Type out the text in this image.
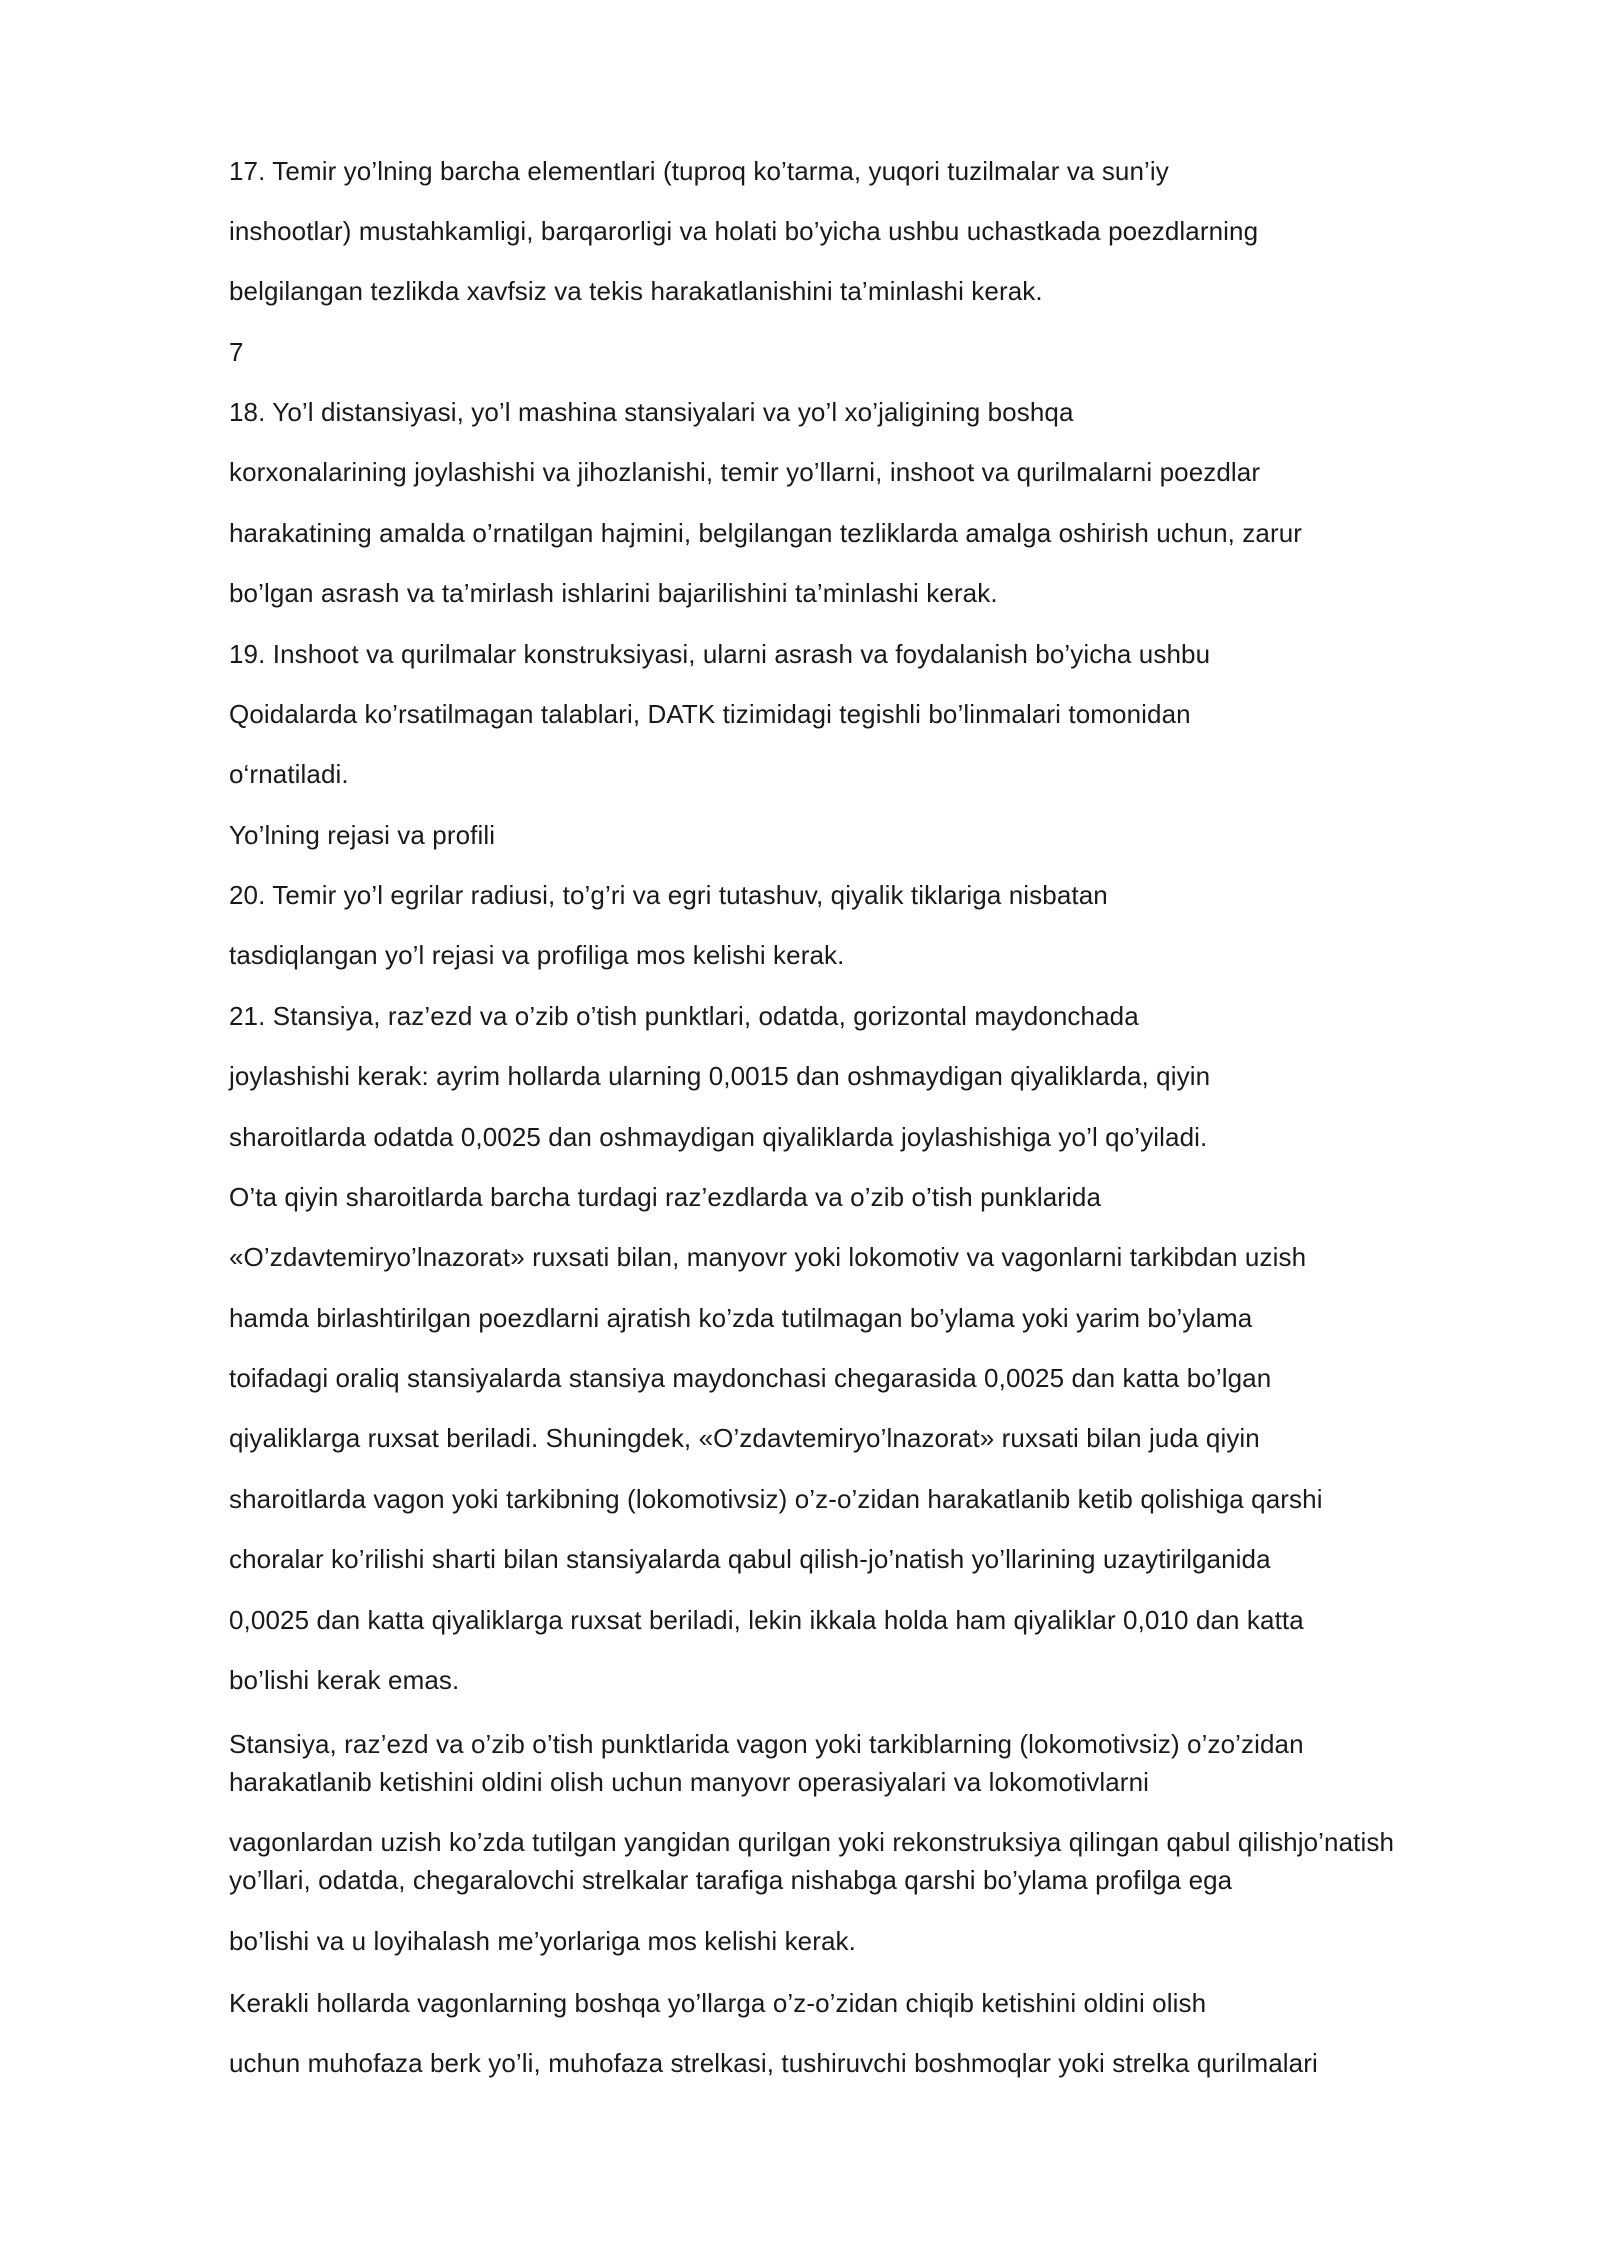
17. Temir yo’lning barcha elementlari (tuproq ko’tarma, yuqori tuzilmalar va sun’iy
inshootlar) mustahkamligi, barqarorligi va holati bo’yicha ushbu uchastkada poezdlarning
belgilangan tezlikda xavfsiz va tekis harakatlanishini ta’minlashi kerak.
7
18. Yo’l distansiyasi, yo’l mashina stansiyalari va yo’l xo’jaligining boshqa
korxonalarining joylashishi va jihozlanishi, temir yo’llarni, inshoot va qurilmalarni poezdlar
harakatining amalda o’rnatilgan hajmini, belgilangan tezliklarda amalga oshirish uchun, zarur
bo’lgan asrash va ta’mirlash ishlarini bajarilishini ta’minlashi kerak.
19. Inshoot va qurilmalar konstruksiyasi, ularni asrash va foydalanish bo’yicha ushbu
Qoidalarda ko’rsatilmagan talablari, DATK tizimidagi tegishli bo’linmalari tomonidan
o‘rnatiladi.
Yo’lning rejasi va profili
20. Temir yo’l egrilar radiusi, to’g’ri va egri tutashuv, qiyalik tiklariga nisbatan
tasdiqlangan yo’l rejasi va profiliga mos kelishi kerak.
21. Stansiya, raz’ezd va o’zib o’tish punktlari, odatda, gorizontal maydonchada
joylashishi kerak: ayrim hollarda ularning 0,0015 dan oshmaydigan qiyaliklarda, qiyin
sharoitlarda odatda 0,0025 dan oshmaydigan qiyaliklarda joylashishiga yo’l qo’yiladi.
O’ta qiyin sharoitlarda barcha turdagi raz’ezdlarda va o’zib o’tish punklarida
«O’zdavtemiryo’lnazorat» ruxsati bilan, manyovr yoki lokomotiv va vagonlarni tarkibdan uzish
hamda birlashtirilgan poezdlarni ajratish ko’zda tutilmagan bo’ylama yoki yarim bo’ylama
toifadagi oraliq stansiyalarda stansiya maydonchasi chegarasida 0,0025 dan katta bo’lgan
qiyaliklarga ruxsat beriladi. Shuningdek, «O’zdavtemiryo’lnazorat» ruxsati bilan juda qiyin
sharoitlarda vagon yoki tarkibning (lokomotivsiz) o’z-o’zidan harakatlanib ketib qolishiga qarshi
choralar ko’rilishi sharti bilan stansiyalarda qabul qilish-jo’natish yo’llarining uzaytirilganida
0,0025 dan katta qiyaliklarga ruxsat beriladi, lekin ikkala holda ham qiyaliklar 0,010 dan katta
bo’lishi kerak emas.
Stansiya, raz’ezd va o’zib o’tish punktlarida vagon yoki tarkiblarning (lokomotivsiz) o’zo’zidan
harakatlanib ketishini oldini olish uchun manyovr operasiyalari va lokomotivlarni
vagonlardan uzish ko’zda tutilgan yangidan qurilgan yoki rekonstruksiya qilingan qabul qilishjo’natish
yo’llari, odatda, chegaralovchi strelkalar tarafiga nishabga qarshi bo’ylama profilga ega
bo’lishi va u loyihalash me’yorlariga mos kelishi kerak.
Kerakli hollarda vagonlarning boshqa yo’llarga o’z-o’zidan chiqib ketishini oldini olish
uchun muhofaza berk yo’li, muhofaza strelkasi, tushiruvchi boshmoqlar yoki strelka qurilmalari
